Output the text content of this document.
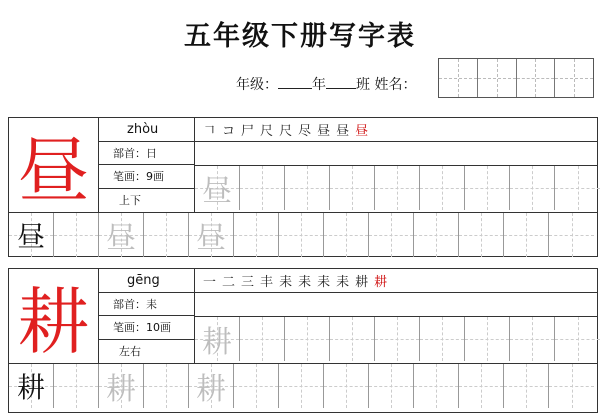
五年级下册写字表
年级： 年 班 姓名：
昼	zhòu
部首：日
笔画：9画
上下
𠃍 コ 尸 尺 尺 尽 昼 昼 昼
昼
昼 昼 昼
耕	gēng
部首：耒
笔画：10画
左右
一 二 三 丰 耒 耒 耒 耒 耕 耕
耕
耕 耕 耕
